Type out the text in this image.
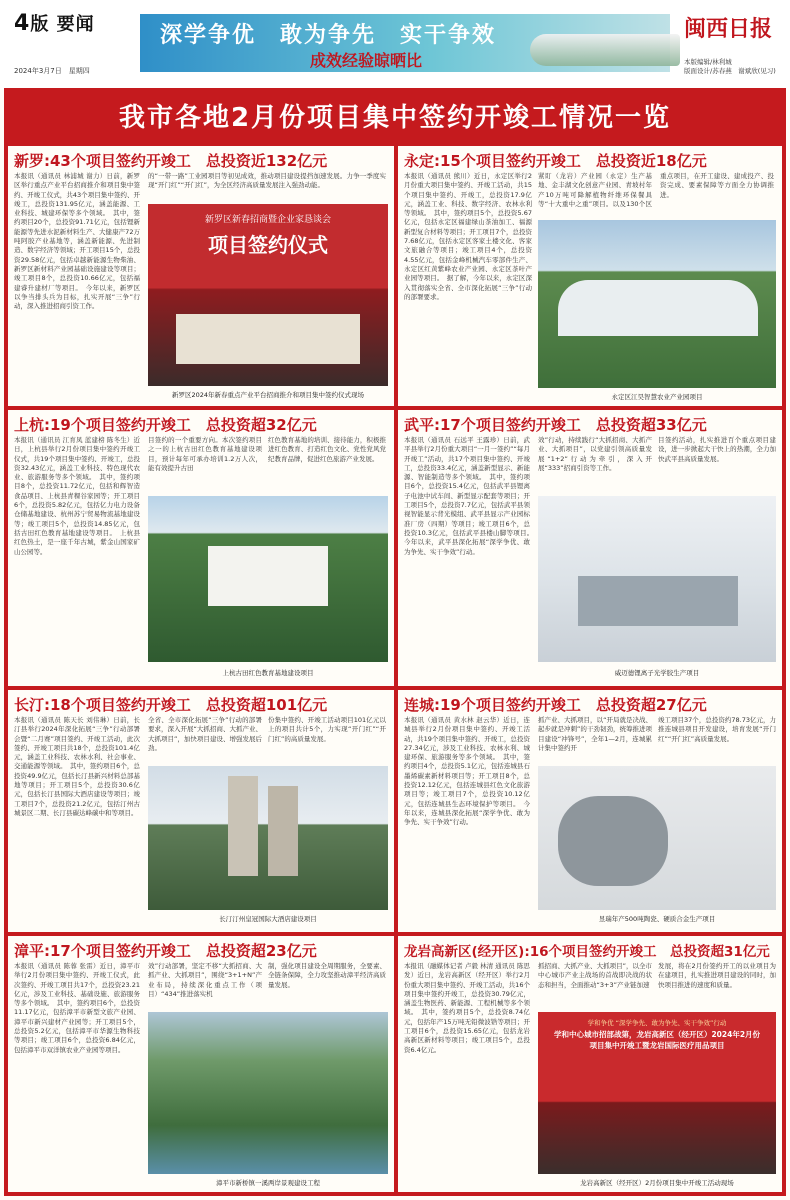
4版 要闻
2024年3月7日　星期四
深学争优　敢为争先　实干争效
成效经验晾晒比
闽西日报
本版编辑/林利城
版面设计/苏春燕　谢斌欣(见习)
我市各地2月份项目集中签约开竣工情况一览
新罗:43个项目签约开竣工　总投资近132亿元
本报讯（通讯员 林浦城 谢力）日前，新罗区举行重点产业平台招商推介和项目集中签约、开竣工仪式，共43个项目集中签约、开竣工，总投资131.95亿元，涵盖能源、工业科技、城建环保等多个领域。　其中，签约项目20个，总投资91.71亿元，包括锂新能源等先进水泥新材料生产、大健康产72万吨阿胶产业基地等，涵盖新能源、先进制造、数字经济等领域；开工项目15个，总投资29.58亿元，包括卓越新能源生物柴油、新罗区新材料产业园基础设施建设等项目；竣工项目8个，总投资10.66亿元，包括福建睿升建材厂等项目。　今年以来，新罗区以争当排头兵为目标，扎实开展“三争”行动，深入推进招商引资工作。
的“一带一路”工业园项目等初见成效，推动项目建设提挡加速发展。力争一季度实现“开门红”“开门红”，为全区经济高质量发展注入强劲动能。
新罗区新春招商暨企业家恳谈会
项目签约仪式
新罗区2024年新春重点产业平台招商推介和项目集中签约仪式现场
永定:15个项目签约开竣工　总投资近18亿元
本报讯（通讯员 熊川）近日，永定区举行2月份重大项目集中签约、开竣工活动，共15个项目集中签约、开竣工，总投资17.9亿元，涵盖工业、科技、数字经济、农林水利等领域。　其中，签约项目5个，总投资5.67亿元，包括永定区福建绿山茶油加工、福源新型复合材料等项目；开工项目7个，总投资7.68亿元，包括永定区客家土楼文化、客家文旅融合等项目；竣工项目4个，总投资4.55亿元，包括金峰机械汽车零部件生产、永定区红黄紫峰农业产业园、永定区茶叶产业园等项目。　据了解，今年以来，永定区深入贯彻落实全省、全市深化拓展“三争”行动的部署要求。
紧盯（龙岩）产业园（永定）生产基地、金丰湖文化创意产业园、青坡村年产10万吨可降解植物纤维环保餐具等“十大重中之重”项目。以及130个区重点项目，在开工建设、建成投产、投资完成、要素保障等方面全力协调推进。
永定区江昊智慧农业产业园项目
上杭:19个项目签约开竣工　总投资超32亿元
本报讯（通讯员 江育凤 蓝建榜 陈冬生）近日，上杭县举行2月份项目集中签约开竣工仪式，共19个项目集中签约、开竣工，总投资32.43亿元，涵盖工业科技、特色现代农业、旅游服务等多个领域。　其中，签约项目8个，总投资11.72亿元，包括和辉智造食品项目、上杭县青稞谷家园等；开工项目6个，总投资5.82亿元，包括亿力电力设备仓储基地建设、杭州苏宁贸易物流基地建设等；竣工项目5个，总投资14.85亿元，包括古田红色教育基地建设等项目。　上杭县红色热土，是一座千年古城，紫金山国家矿山公园等。
目签约的一个重要方向。本次签约项目之一的上杭古田红色教育基地建设项目，预计每年可承办培训1.2万人次，能有效提升古田
红色教育基地的培训、接待能力，积极推进红色教育、打造红色文化、党性党风党纪教育品牌，促进红色旅游产业发展。
上杭古田红色教育基地建设项目
武平:17个项目签约开竣工　总投资超33亿元
本报讯（通讯员 石远平 王露珍）日前，武平县举行2月份重大项目“一月一签约”“每月开竣工”活动，共17个项目集中签约、开竣工，总投资33.4亿元，涵盖新型显示、新能源、智能制造等多个领域。　其中，签约项目6个，总投资15.4亿元，包括武平县锂离子电池中试车间、新型显示配套等项目；开工项目5个，总投资7.7亿元，包括武平县领视智能显示背光模组、武平县显示产业园标准厂房（四期）等项目；竣工项目6个，总投资10.3亿元，包括武平县楼山脚等项目。　今年以来，武平县深化拓展“深学争优、敢为争先、实干争效”行动。
效”行动，持续践行“大抓招商、大抓产业、大抓项目”，以党建引领高质量发展“1+2”行动为牵引，深入开展“333”招商引资等工作。
目签约活动，扎实推进百个重点项目建设，进一步掀起大干快上的热潮，全力加快武平县高质量发展。
威迈德锂离子光学胶生产项目
长汀:18个项目签约开竣工　总投资超101亿元
本报讯（通讯员 陈天长 刘伟琳）日前，长汀县举行2024年深化拓展“三争”行动部署会暨“二月赛”项目签约、开竣工活动，此次签约、开竣工项目共18个，总投资101.4亿元，涵盖工业科技、农林水利、社会事业、交通能源等领域。　其中，签约项目6个，总投资49.9亿元，包括长汀县新兴材料总部基地等项目；开工项目5个，总投资30.6亿元，包括长汀县国际大酒店建设等项目；竣工项目7个，总投资21.2亿元，包括汀州古城景区二期、长汀县碳达峰碳中和等项目。
全省、全市深化拓展“三争”行动的部署要求，深入开展“大抓招商、大抓产业、大抓项目”，加快项目建设、增强发展后劲。
份集中签约、开竣工活动项目101亿元以上的项目共计5个，力实现“开门红”“开门红”的高质量发展。
长汀汀州皇冠国际大酒店建设项目
连城:19个项目签约开竣工　总投资超27亿元
本报讯（通讯员 黄水林 赵云华）近日，连城县举行2月份项目集中签约、开竣工活动，共19个项目集中签约、开竣工，总投资27.34亿元，涉及工业科技、农林水利、城建环保、旅游服务等多个领域。　其中，签约项目4个，总投资5.1亿元，包括连城县石墨烯碳素新材料项目等；开工项目8个，总投资12.12亿元，包括连城县红色文化旅游项目等；竣工项目7个，总投资10.12亿元，包括连城县生态环境保护等项目。　今年以来，连城县深化拓展“深学争优、敢为争先、实干争效”行动。
抓产业、大抓项目，以“开局就是决战、起步就是冲刺”的干劲韧劲，统筹推进项目建设“冲锋号”，全年1—2月，连城累计集中签约开
竣工项目37个，总投资约78.73亿元，力推连城县项目开发建设，培育发展“开门红”“开门红”高质量发展。
昱瑞年产500吨陶瓷、硬质合金生产项目
漳平:17个项目签约开竣工　总投资超23亿元
本报讯（通讯员 陈蓉 张雷）近日，漳平市举行2月份项目集中签约、开竣工仪式，此次签约、开竣工项目共17个，总投资23.21亿元，涉及工业科技、基础设施、旅游服务等多个领域。　其中，签约项目6个，总投资11.17亿元，包括漳平市新型文旅产业园、漳平市新兴建材产业园等；开工项目5个，总投资5.2亿元，包括漳平市华源生物科技等项目；竣工项目6个，总投资6.84亿元，包括漳平市双洋镇农业产业园等项目。
效”行动部署，坚定不移“大抓招商、大抓产业、大抓项目”，围绕“3+1+N”产业布局，持续深化重点工作（项目）“434”推进落实机
制，强化项目建设全周期服务，全要素、全链条保障，全力攻坚推动漳平经济高质量发展。
漳平市新桥镇一溪两岸景观建设工程
龙岩高新区(经开区):16个项目签约开竣工　总投资超31亿元
本报讯（融媒体记者 卢毅 林清 通讯员 陈思发）近日，龙岩高新区（经开区）举行2月份重大项目集中签约、开竣工活动，共16个项目集中签约开竣工，总投资30.79亿元，涵盖生物医药、新能源、工程机械等多个领域。　其中，签约项目5个，总投资8.74亿元，包括年产15万吨无铅微波锆等项目；开工项目6个，总投资15.65亿元，包括龙岩高新区新材料等项目；竣工项目5个，总投资6.4亿元。
抓招商、大抓产业、大抓项目”，以全市中心城市产业主战场的首战即决战的状态和担当，全面推动“3+3”产业链加速
发展，将在2月份签约开工的以业项目为在建项目，扎实推进项目建设的同时，加快项目推进的速度和质量。
学和争优 “深学争先、敢为争先、实干争效”行动
学和中心城市招部战第，龙岩高新区（经开区）2024年2月份
项目集中开竣工暨龙岩国际医疗用品项目
龙岩高新区（经开区）2月份项目集中开竣工活动现场
